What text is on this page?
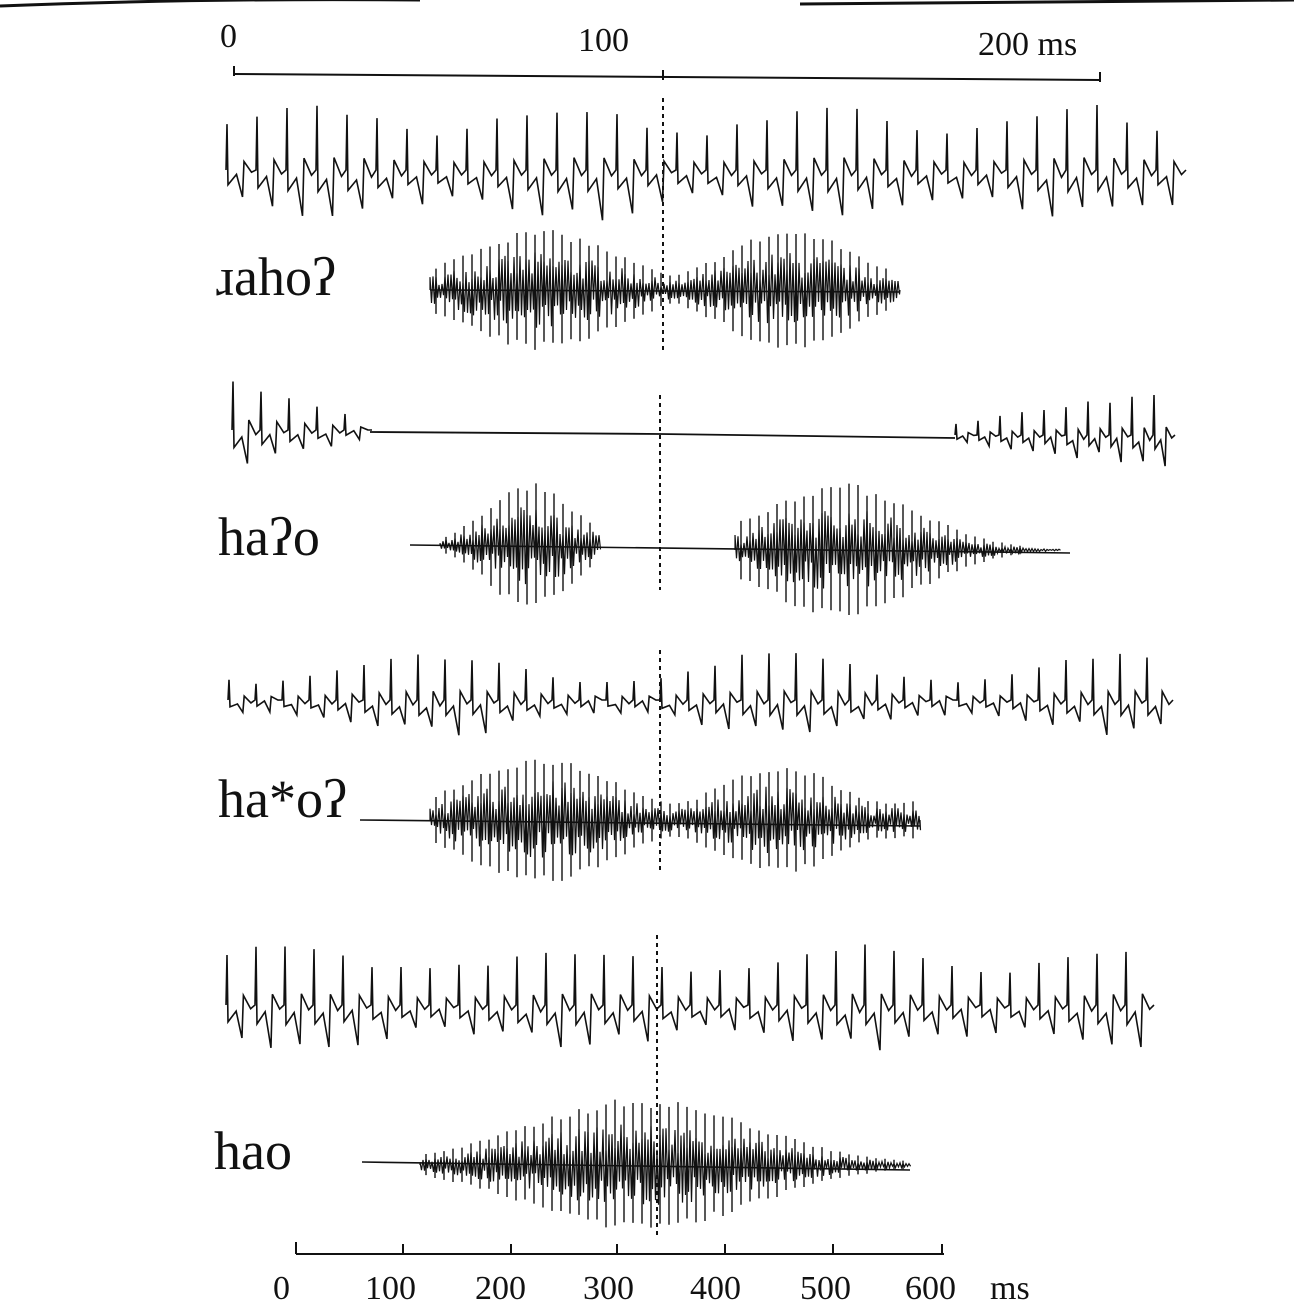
0	100	200 ms
0 100 200 300 400 500 600 ms
ɹahoʔ
haʔo
ha*oʔ
hao
